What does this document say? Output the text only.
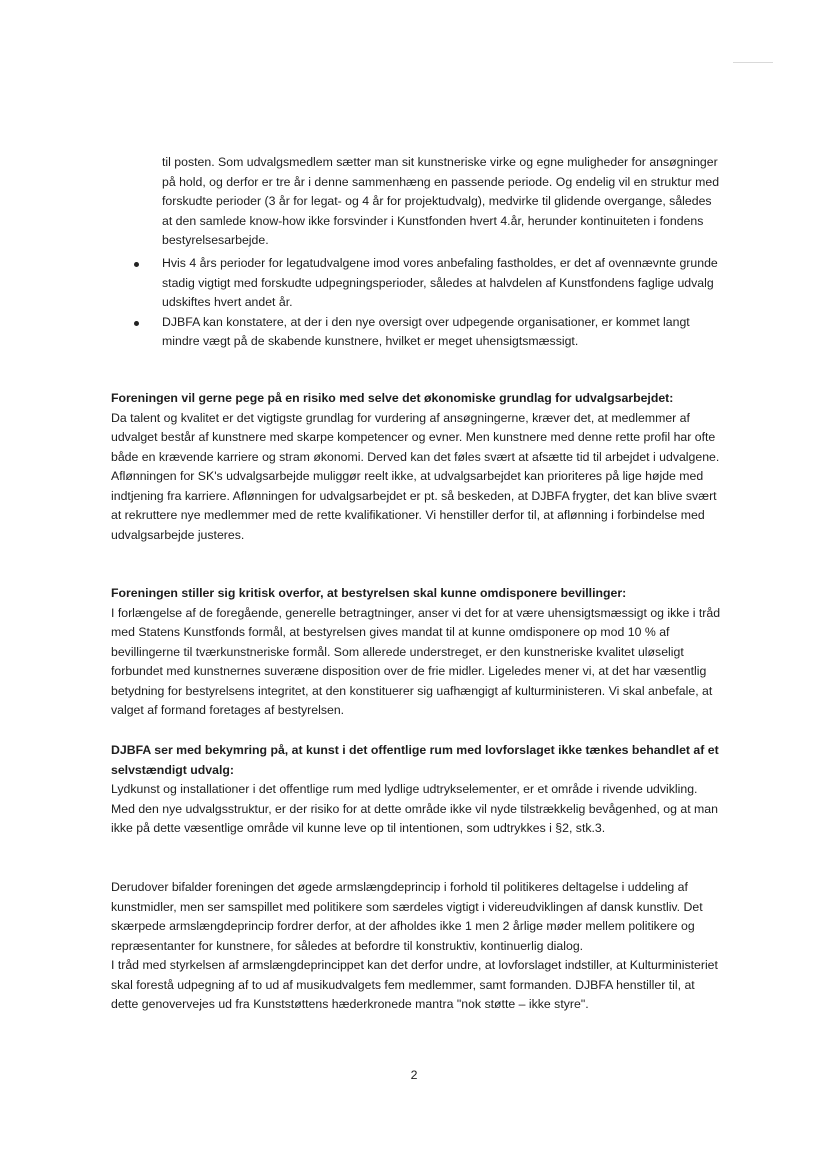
til posten. Som udvalgsmedlem sætter man sit kunstneriske virke og egne muligheder for ansøgninger på hold, og derfor er tre år i denne sammenhæng en passende periode. Og endelig vil en struktur med forskudte perioder (3 år for legat- og 4 år for projektudvalg), medvirke til glidende overgange, således at den samlede know-how ikke forsvinder i Kunstfonden hvert 4.år, herunder kontinuiteten i fondens bestyrelsesarbejde.

Hvis 4 års perioder for legatudvalgene imod vores anbefaling fastholdes, er det af ovennævnte grunde stadig vigtigt med forskudte udpegningsperioder, således at halvdelen af Kunstfondens faglige udvalg udskiftes hvert andet år.
DJBFA kan konstatere, at der i den nye oversigt over udpegende organisationer, er kommet langt mindre vægt på de skabende kunstnere, hvilket er meget uhensigtsmæssigt.

Foreningen vil gerne pege på en risiko med selve det økonomiske grundlag for udvalgsarbejdet:

Da talent og kvalitet er det vigtigste grundlag for vurdering af ansøgningerne, kræver det, at medlemmer af udvalget består af kunstnere med skarpe kompetencer og evner. Men kunstnere med denne rette profil har ofte både en krævende karriere og stram økonomi. Derved kan det føles svært at afsætte tid til arbejdet i udvalgene. Aflønningen for SK's udvalgsarbejde muliggør reelt ikke, at udvalgsarbejdet kan prioriteres på lige højde med indtjening fra karriere. Aflønningen for udvalgsarbejdet er pt. så beskeden, at DJBFA frygter, det kan blive svært at rekruttere nye medlemmer med de rette kvalifikationer. Vi henstiller derfor til, at aflønning i forbindelse med udvalgsarbejde justeres.

Foreningen stiller sig kritisk overfor, at bestyrelsen skal kunne omdisponere bevillinger:

I forlængelse af de foregående, generelle betragtninger, anser vi det for at være uhensigtsmæssigt og ikke i tråd med Statens Kunstfonds formål, at bestyrelsen gives mandat til at kunne omdisponere op mod 10 % af bevillingerne til tværkunstneriske formål. Som allerede understreget, er den kunstneriske kvalitet uløseligt forbundet med kunstnernes suveræne disposition over de frie midler. Ligeledes mener vi, at det har væsentlig betydning for bestyrelsens integritet, at den konstituerer sig uafhængigt af kulturministeren. Vi skal anbefale, at valget af formand foretages af bestyrelsen.

DJBFA ser med bekymring på, at kunst i det offentlige rum med lovforslaget ikke tænkes behandlet af et selvstændigt udvalg:

Lydkunst og installationer i det offentlige rum med lydlige udtrykselementer, er et område i rivende udvikling. Med den nye udvalgsstruktur, er der risiko for at dette område ikke vil nyde tilstrækkelig bevågenhed, og at man ikke på dette væsentlige område vil kunne leve op til intentionen, som udtrykkes i §2, stk.3.

Derudover bifalder foreningen det øgede armslængdeprincip i forhold til politikeres deltagelse i uddeling af kunstmidler, men ser samspillet med politikere som særdeles vigtigt i videreudviklingen af dansk kunstliv. Det skærpede armslængdeprincip fordrer derfor, at der afholdes ikke 1 men 2 årlige møder mellem politikere og repræsentanter for kunstnere, for således at befordre til konstruktiv, kontinuerlig dialog.

I tråd med styrkelsen af armslængdeprincippet kan det derfor undre, at lovforslaget indstiller, at Kulturministeriet skal forestå udpegning af to ud af musikudvalgets fem medlemmer, samt formanden. DJBFA henstiller til, at dette genovervejes ud fra Kunststøttens hæderkronede mantra "nok støtte – ikke styre".

2
